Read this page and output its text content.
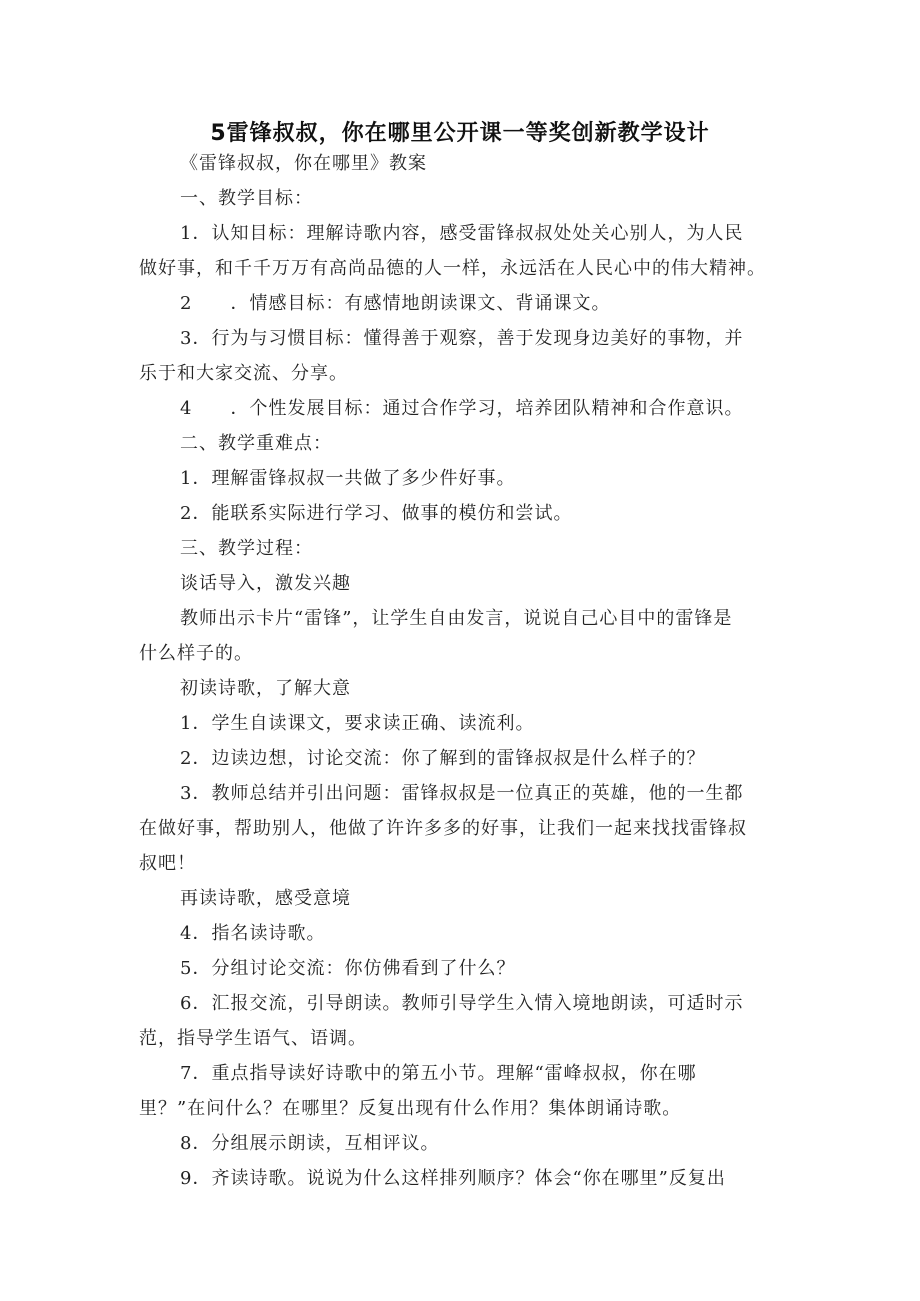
5雷锋叔叔，你在哪里公开课一等奖创新教学设计
《雷锋叔叔，你在哪里》教案
一、教学目标：
1．认知目标：理解诗歌内容，感受雷锋叔叔处处关心别人，为人民
做好事，和千千万万有高尚品德的人一样，永远活在人民心中的伟大精神。
2　　．情感目标：有感情地朗读课文、背诵课文。
3．行为与习惯目标：懂得善于观察，善于发现身边美好的事物，并
乐于和大家交流、分享。
4　　．个性发展目标：通过合作学习，培养团队精神和合作意识。
二、教学重难点：
1．理解雷锋叔叔一共做了多少件好事。
2．能联系实际进行学习、做事的模仿和尝试。
三、教学过程：
谈话导入，激发兴趣
教师出示卡片“雷锋”，让学生自由发言，说说自己心目中的雷锋是
什么样子的。
初读诗歌，了解大意
1．学生自读课文，要求读正确、读流利。
2．边读边想，讨论交流：你了解到的雷锋叔叔是什么样子的？
3．教师总结并引出问题：雷锋叔叔是一位真正的英雄，他的一生都
在做好事，帮助别人，他做了许许多多的好事，让我们一起来找找雷锋叔
叔吧！
再读诗歌，感受意境
4．指名读诗歌。
5．分组讨论交流：你仿佛看到了什么？
6．汇报交流，引导朗读。教师引导学生入情入境地朗读，可适时示
范，指导学生语气、语调。
7．重点指导读好诗歌中的第五小节。理解“雷峰叔叔，你在哪
里？”在问什么？在哪里？反复出现有什么作用？集体朗诵诗歌。
8．分组展示朗读，互相评议。
9．齐读诗歌。说说为什么这样排列顺序？体会“你在哪里”反复出
